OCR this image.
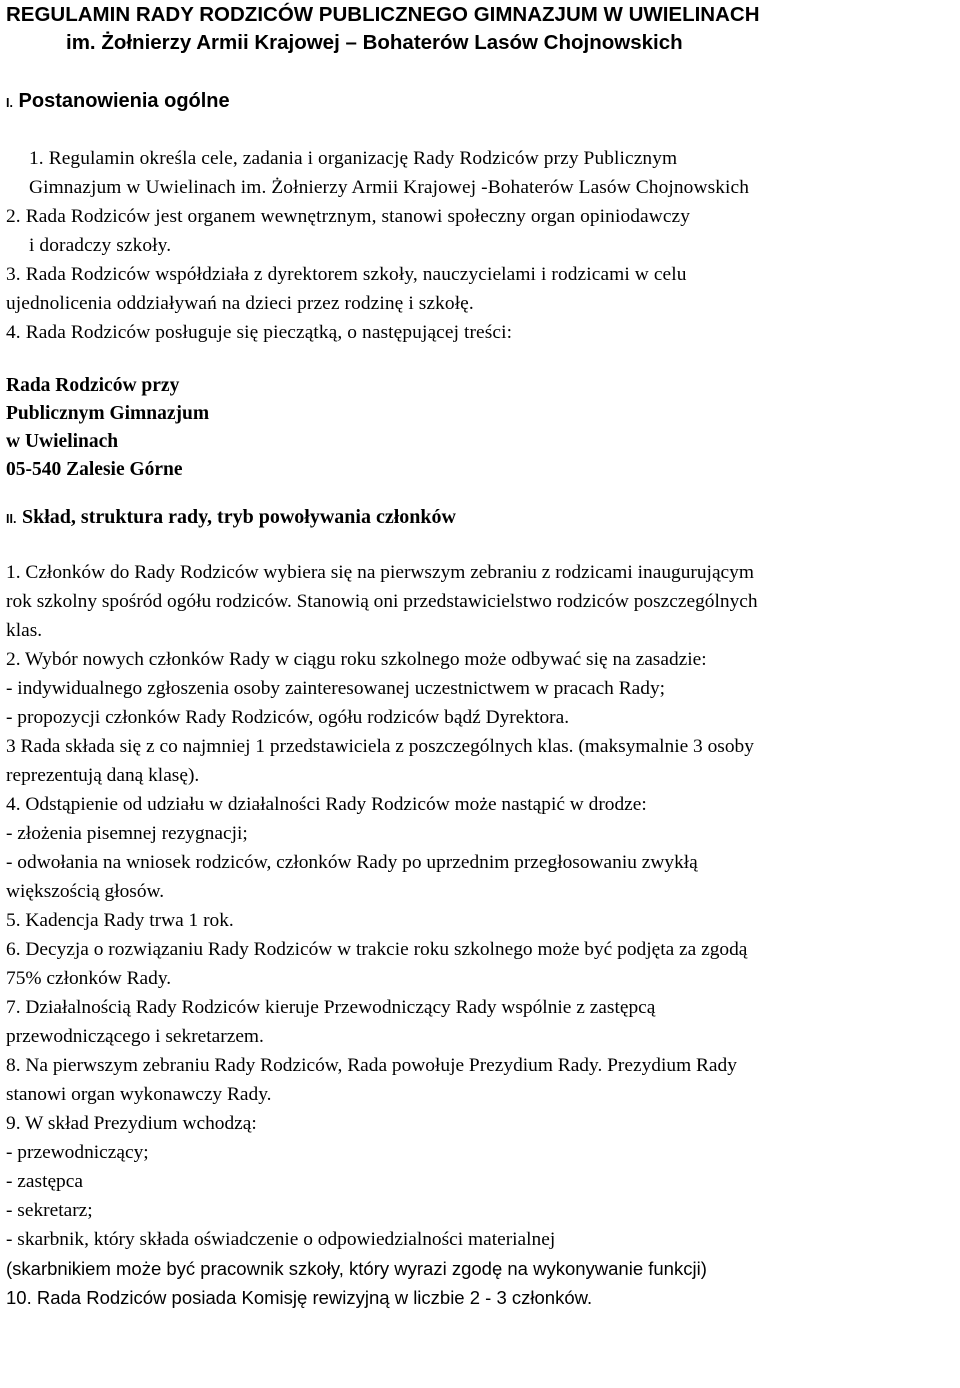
REGULAMIN RADY RODZICÓW PUBLICZNEGO GIMNAZJUM W UWIELINACH
im. Żołnierzy Armii Krajowej – Bohaterów Lasów Chojnowskich
I. Postanowienia ogólne

1. Regulamin określa cele, zadania i organizację Rady Rodziców przy Publicznym

Gimnazjum w Uwielinach im. Żołnierzy Armii Krajowej -Bohaterów Lasów Chojnowskich

2. Rada Rodziców jest organem wewnętrznym, stanowi społeczny organ opiniodawczy

i doradczy szkoły.

3. Rada Rodziców współdziała z dyrektorem szkoły, nauczycielami i rodzicami w celu

ujednolicenia oddziaływań na dzieci przez rodzinę i szkołę.

4. Rada Rodziców posługuje się pieczątką, o następującej treści:

Rada Rodziców przy

Publicznym Gimnazjum

w Uwielinach

05-540 Zalesie Górne

II. Skład, struktura rady, tryb powoływania członków

1. Członków do Rady Rodziców wybiera się na pierwszym zebraniu z rodzicami inaugurującym

rok szkolny spośród ogółu rodziców. Stanowią oni przedstawicielstwo rodziców poszczególnych

klas.

2. Wybór nowych członków Rady w ciągu roku szkolnego może odbywać się na zasadzie:

- indywidualnego zgłoszenia osoby zainteresowanej uczestnictwem w pracach Rady;

- propozycji członków Rady Rodziców, ogółu rodziców bądź Dyrektora.

3 Rada składa się z co najmniej 1 przedstawiciela z poszczególnych klas. (maksymalnie 3 osoby

reprezentują daną klasę).

4. Odstąpienie od udziału w działalności Rady Rodziców może nastąpić w drodze:

- złożenia pisemnej rezygnacji;

- odwołania na wniosek rodziców, członków Rady po uprzednim przegłosowaniu zwykłą

większością głosów.

5. Kadencja Rady trwa 1 rok.

6. Decyzja o rozwiązaniu Rady Rodziców w trakcie roku szkolnego może być podjęta za zgodą

75% członków Rady.

7. Działalnością Rady Rodziców kieruje Przewodniczący Rady wspólnie z zastępcą

przewodniczącego i sekretarzem.

8. Na pierwszym zebraniu Rady Rodziców, Rada powołuje Prezydium Rady. Prezydium Rady

stanowi organ wykonawczy Rady.

9. W skład Prezydium wchodzą:

- przewodniczący;

- zastępca

- sekretarz;

- skarbnik, który składa oświadczenie o odpowiedzialności materialnej

(skarbnikiem może być pracownik szkoły, który wyrazi zgodę na wykonywanie funkcji)

10. Rada Rodziców posiada Komisję rewizyjną w liczbie 2 - 3 członków.
